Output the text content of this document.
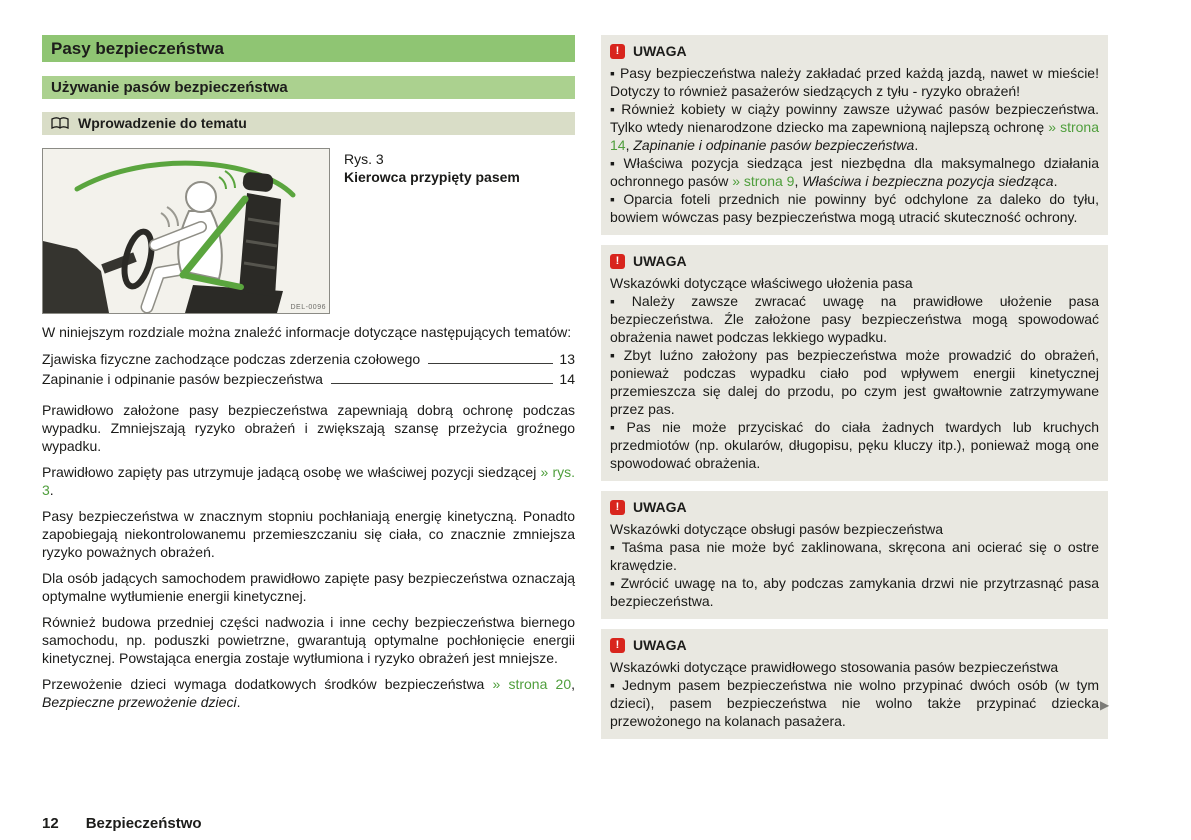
Pasy bezpieczeństwa
Używanie pasów bezpieczeństwa
Wprowadzenie do tematu
DEL-0096
Rys. 3
Kierowca przypięty pasem

W niniejszym rozdziale można znaleźć informacje dotyczące następujących tematów:

Zjawiska fizyczne zachodzące podczas zderzenia czołowego	13
Zapinanie i odpinanie pasów bezpieczeństwa	14

Prawidłowo założone pasy bezpieczeństwa zapewniają dobrą ochronę podczas wypadku. Zmniejszają ryzyko obrażeń i zwiększają szansę przeżycia groźnego wypadku.

Prawidłowo zapięty pas utrzymuje jadącą osobę we właściwej pozycji siedzącej » rys. 3.

Pasy bezpieczeństwa w znacznym stopniu pochłaniają energię kinetyczną. Ponadto zapobiegają niekontrolowanemu przemieszczaniu się ciała, co znacznie zmniejsza ryzyko poważnych obrażeń.

Dla osób jadących samochodem prawidłowo zapięte pasy bezpieczeństwa oznaczają optymalne wytłumienie energii kinetycznej.

Również budowa przedniej części nadwozia i inne cechy bezpieczeństwa biernego samochodu, np. poduszki powietrzne, gwarantują optymalne pochłonięcie energii kinetycznej. Powstająca energia zostaje wytłumiona i ryzyko obrażeń jest mniejsze.

Przewożenie dzieci wymaga dodatkowych środków bezpieczeństwa » strona 20, Bezpieczne przewożenie dzieci.

! UWAGA
▪ Pasy bezpieczeństwa należy zakładać przed każdą jazdą, nawet w mieście! Dotyczy to również pasażerów siedzących z tyłu - ryzyko obrażeń!
▪ Również kobiety w ciąży powinny zawsze używać pasów bezpieczeństwa. Tylko wtedy nienarodzone dziecko ma zapewnioną najlepszą ochronę » strona 14, Zapinanie i odpinanie pasów bezpieczeństwa.
▪ Właściwa pozycja siedząca jest niezbędna dla maksymalnego działania ochronnego pasów » strona 9, Właściwa i bezpieczna pozycja siedząca.
▪ Oparcia foteli przednich nie powinny być odchylone za daleko do tyłu, bowiem wówczas pasy bezpieczeństwa mogą utracić skuteczność ochrony.
! UWAGA
Wskazówki dotyczące właściwego ułożenia pasa
▪ Należy zawsze zwracać uwagę na prawidłowe ułożenie pasa bezpieczeństwa. Źle założone pasy bezpieczeństwa mogą spowodować obrażenia nawet podczas lekkiego wypadku.
▪ Zbyt luźno założony pas bezpieczeństwa może prowadzić do obrażeń, ponieważ podczas wypadku ciało pod wpływem energii kinetycznej przemieszcza się dalej do przodu, po czym jest gwałtownie zatrzymywane przez pas.
▪ Pas nie może przyciskać do ciała żadnych twardych lub kruchych przedmiotów (np. okularów, długopisu, pęku kluczy itp.), ponieważ mogą one spowodować obrażenia.
! UWAGA
Wskazówki dotyczące obsługi pasów bezpieczeństwa
▪ Taśma pasa nie może być zaklinowana, skręcona ani ocierać się o ostre krawędzie.
▪ Zwrócić uwagę na to, aby podczas zamykania drzwi nie przytrzasnąć pasa bezpieczeństwa.
! UWAGA
Wskazówki dotyczące prawidłowego stosowania pasów bezpieczeństwa
▪ Jednym pasem bezpieczeństwa nie wolno przypinać dwóch osób (w tym dzieci), pasem bezpieczeństwa nie wolno także przypinać dziecka przewożonego na kolanach pasażera.
▶
12 Bezpieczeństwo
